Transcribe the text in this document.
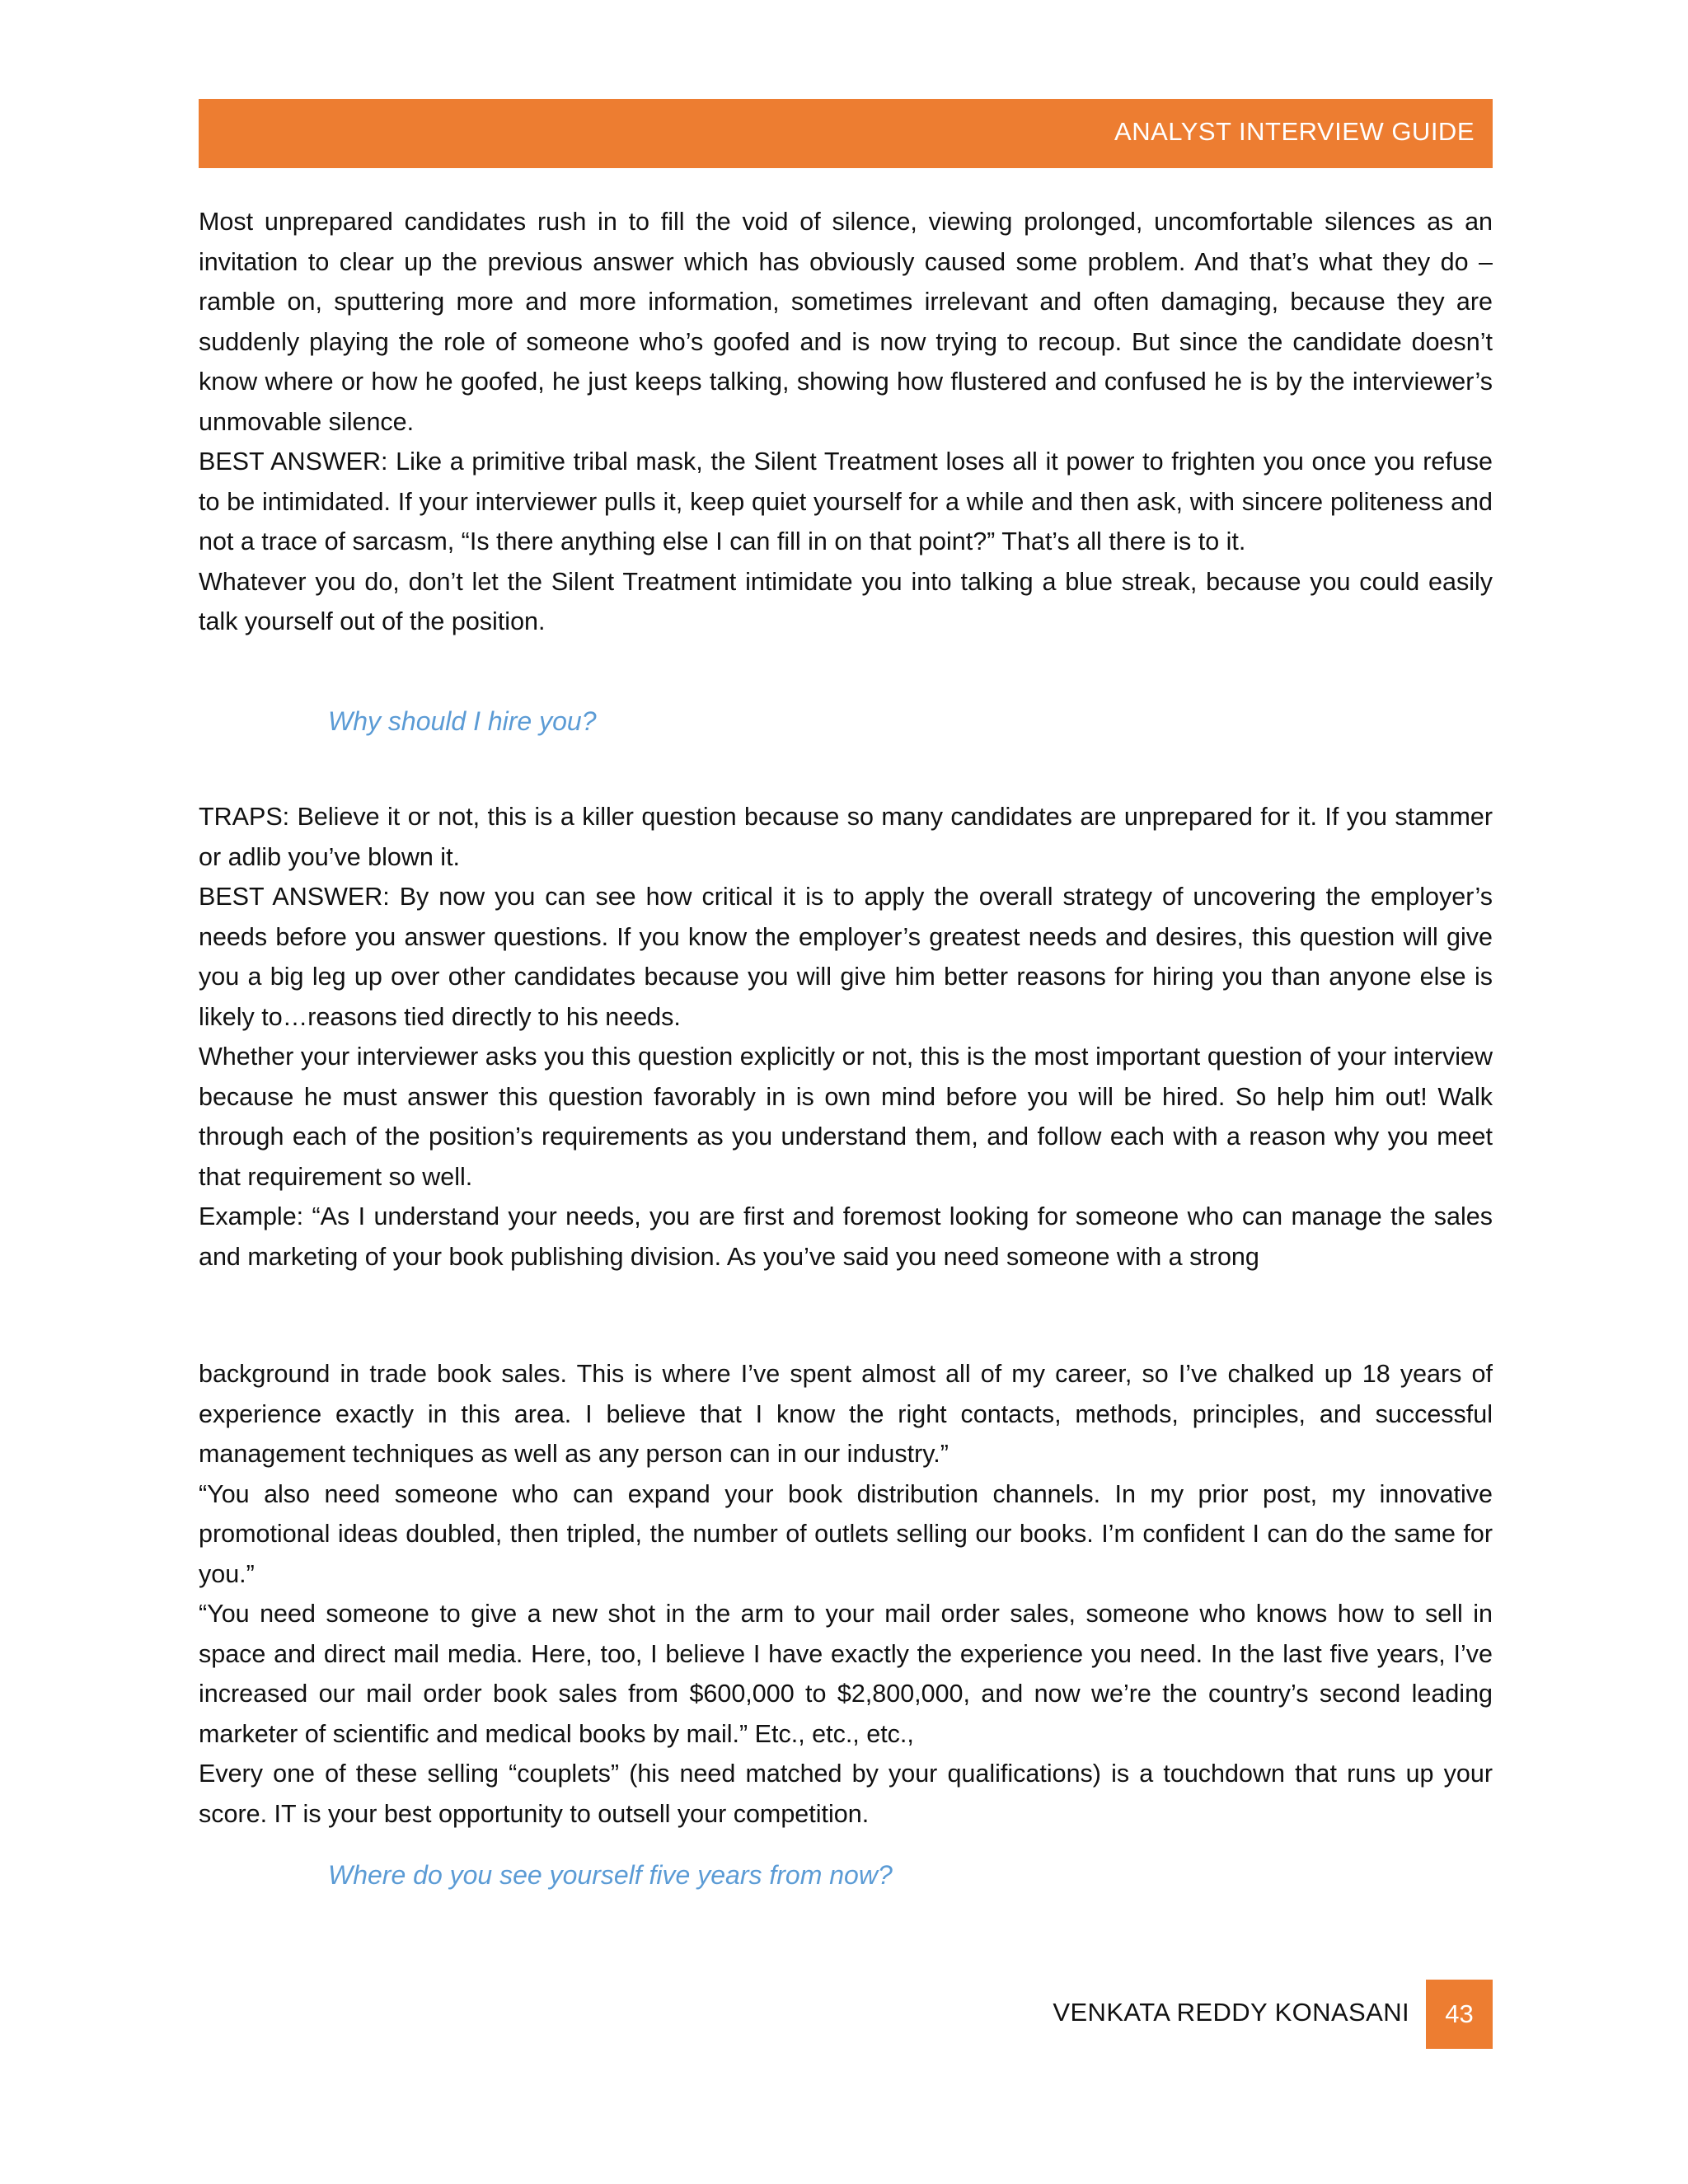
ANALYST INTERVIEW GUIDE

Most unprepared candidates rush in to fill the void of silence, viewing prolonged, uncomfortable silences as an invitation to clear up the previous answer which has obviously caused some problem. And that’s what they do – ramble on, sputtering more and more information, sometimes irrelevant and often damaging, because they are suddenly playing the role of someone who’s goofed and is now trying to recoup. But since the candidate doesn’t know where or how he goofed, he just keeps talking, showing how flustered and confused he is by the interviewer’s unmovable silence.

BEST ANSWER: Like a primitive tribal mask, the Silent Treatment loses all it power to frighten you once you refuse to be intimidated. If your interviewer pulls it, keep quiet yourself for a while and then ask, with sincere politeness and not a trace of sarcasm, “Is there anything else I can fill in on that point?” That’s all there is to it.

Whatever you do, don’t let the Silent Treatment intimidate you into talking a blue streak, because you could easily talk yourself out of the position.

Why should I hire you?

TRAPS: Believe it or not, this is a killer question because so many candidates are unprepared for it. If you stammer or adlib you’ve blown it.

BEST ANSWER: By now you can see how critical it is to apply the overall strategy of uncovering the employer’s needs before you answer questions. If you know the employer’s greatest needs and desires, this question will give you a big leg up over other candidates because you will give him better reasons for hiring you than anyone else is likely to…reasons tied directly to his needs.

Whether your interviewer asks you this question explicitly or not, this is the most important question of your interview because he must answer this question favorably in is own mind before you will be hired. So help him out! Walk through each of the position’s requirements as you understand them, and follow each with a reason why you meet that requirement so well.

Example: “As I understand your needs, you are first and foremost looking for someone who can manage the sales and marketing of your book publishing division. As you’ve said you need someone with a strong

background in trade book sales. This is where I’ve spent almost all of my career, so I’ve chalked up 18 years of experience exactly in this area. I believe that I know the right contacts, methods, principles, and successful management techniques as well as any person can in our industry.”

“You also need someone who can expand your book distribution channels. In my prior post, my innovative promotional ideas doubled, then tripled, the number of outlets selling our books. I’m confident I can do the same for you.”

“You need someone to give a new shot in the arm to your mail order sales, someone who knows how to sell in space and direct mail media. Here, too, I believe I have exactly the experience you need. In the last five years, I’ve increased our mail order book sales from $600,000 to $2,800,000, and now we’re the country’s second leading marketer of scientific and medical books by mail.” Etc., etc., etc.,

Every one of these selling “couplets” (his need matched by your qualifications) is a touchdown that runs up your score. IT is your best opportunity to outsell your competition.

Where do you see yourself five years from now?
VENKATA REDDY KONASANI 43
